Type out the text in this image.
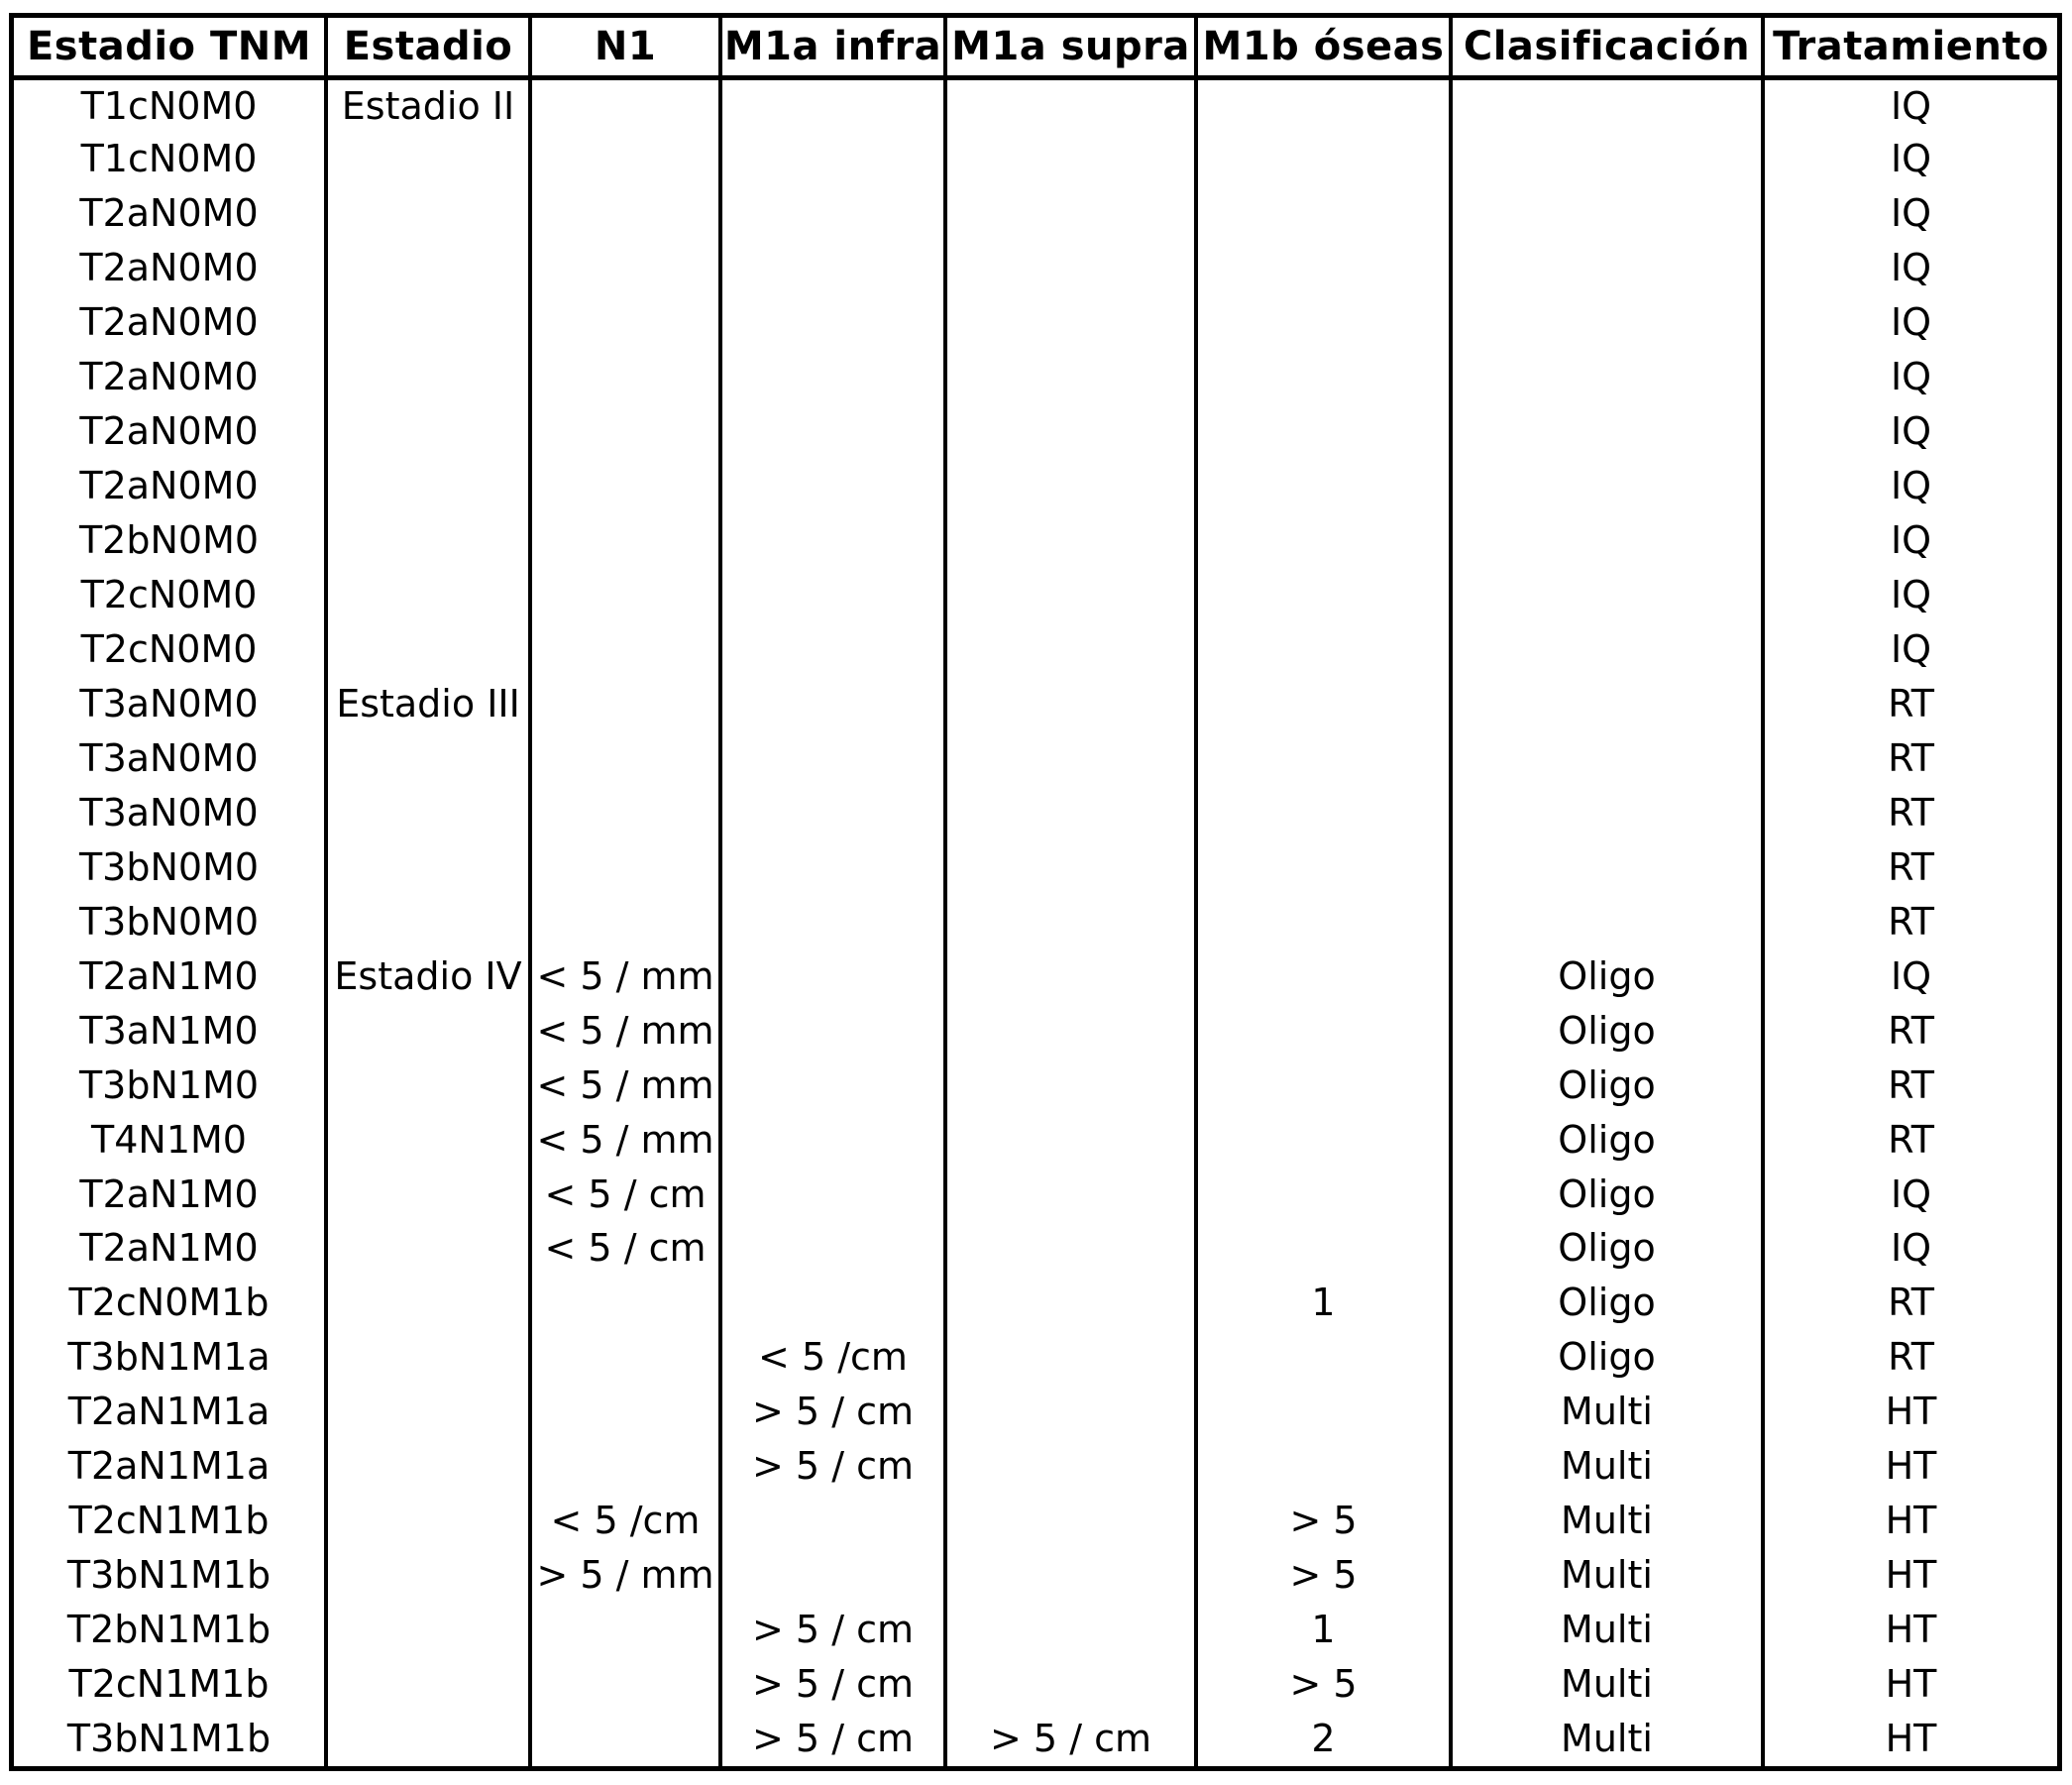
Estadio TNM	Estadio	N1	M1a infra	M1a supra	M1b óseas	Clasificación	Tratamiento
T1cN0M0	Estadio II						IQ
T1cN0M0							IQ
T2aN0M0							IQ
T2aN0M0							IQ
T2aN0M0							IQ
T2aN0M0							IQ
T2aN0M0							IQ
T2aN0M0							IQ
T2bN0M0							IQ
T2cN0M0							IQ
T2cN0M0							IQ
T3aN0M0	Estadio III						RT
T3aN0M0							RT
T3aN0M0							RT
T3bN0M0							RT
T3bN0M0							RT
T2aN1M0	Estadio IV	< 5 / mm				Oligo	IQ
T3aN1M0		< 5 / mm				Oligo	RT
T3bN1M0		< 5 / mm				Oligo	RT
T4N1M0		< 5 / mm				Oligo	RT
T2aN1M0		< 5 / cm				Oligo	IQ
T2aN1M0		< 5 / cm				Oligo	IQ
T2cN0M1b					1	Oligo	RT
T3bN1M1a			< 5 /cm			Oligo	RT
T2aN1M1a			> 5 / cm			Multi	HT
T2aN1M1a			> 5 / cm			Multi	HT
T2cN1M1b		< 5 /cm			> 5	Multi	HT
T3bN1M1b		> 5 / mm			> 5	Multi	HT
T2bN1M1b			> 5 / cm		1	Multi	HT
T2cN1M1b			> 5 / cm		> 5	Multi	HT
T3bN1M1b			> 5 / cm	> 5 / cm	2	Multi	HT
